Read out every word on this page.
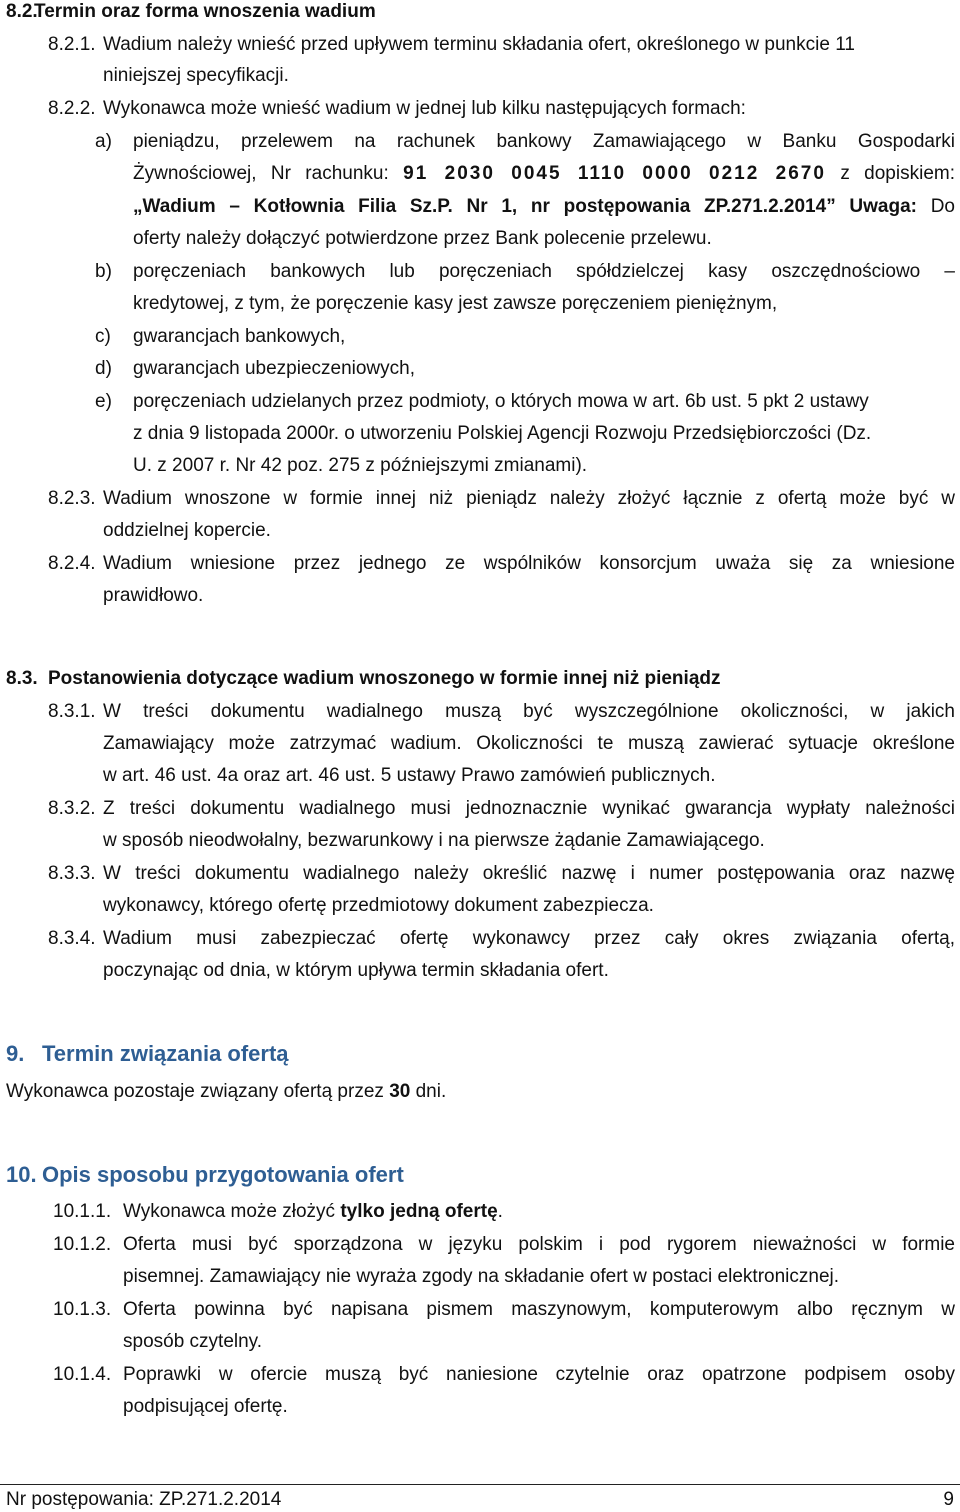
8.2.
Termin oraz forma wnoszenia wadium
8.2.1. Wadium należy wnieść przed upływem terminu składania ofert, określonego w punkcie 11
niniejszej specyfikacji.
8.2.2. Wykonawca może wnieść wadium w jednej lub kilku następujących formach:
a) pieniądzu, przelewem na rachunek bankowy Zamawiającego w Banku Gospodarki
Żywnościowej, Nr rachunku: 91 2030 0045 1110 0000 0212 2670 z dopiskiem:
„Wadium – Kotłownia Filia Sz.P. Nr 1, nr postępowania ZP.271.2.2014” Uwaga: Do
oferty należy dołączyć potwierdzone przez Bank polecenie przelewu.
b) poręczeniach bankowych lub poręczeniach spółdzielczej kasy oszczędnościowo –
kredytowej, z tym, że poręczenie kasy jest zawsze poręczeniem pieniężnym,
c) gwarancjach bankowych,
d) gwarancjach ubezpieczeniowych,
e) poręczeniach udzielanych przez podmioty, o których mowa w art. 6b ust. 5 pkt 2 ustawy
z dnia 9 listopada 2000r. o utworzeniu Polskiej Agencji Rozwoju Przedsiębiorczości (Dz.
U. z 2007 r. Nr 42 poz. 275 z późniejszymi zmianami).
8.2.3. Wadium wnoszone w formie innej niż pieniądz należy złożyć łącznie z ofertą może być w
oddzielnej kopercie.
8.2.4. Wadium wniesione przez jednego ze wspólników konsorcjum uważa się za wniesione
prawidłowo.
8.3. Postanowienia dotyczące wadium wnoszonego w formie innej niż pieniądz
8.3.1. W treści dokumentu wadialnego muszą być wyszczególnione okoliczności, w jakich
Zamawiający może zatrzymać wadium. Okoliczności te muszą zawierać sytuacje określone
w art. 46 ust. 4a oraz art. 46 ust. 5 ustawy Prawo zamówień publicznych.
8.3.2. Z treści dokumentu wadialnego musi jednoznacznie wynikać gwarancja wypłaty należności
w sposób nieodwołalny, bezwarunkowy i na pierwsze żądanie Zamawiającego.
8.3.3. W treści dokumentu wadialnego należy określić nazwę i numer postępowania oraz nazwę
wykonawcy, którego ofertę przedmiotowy dokument zabezpiecza.
8.3.4. Wadium musi zabezpieczać ofertę wykonawcy przez cały okres związania ofertą,
poczynając od dnia, w którym upływa termin składania ofert.
9. Termin związania ofertą
Wykonawca pozostaje związany ofertą przez 30 dni.
10. Opis sposobu przygotowania ofert
10.1.1. Wykonawca może złożyć tylko jedną ofertę.
10.1.2. Oferta musi być sporządzona w języku polskim i pod rygorem nieważności w formie
pisemnej. Zamawiający nie wyraża zgody na składanie ofert w postaci elektronicznej.
10.1.3. Oferta powinna być napisana pismem maszynowym, komputerowym albo ręcznym w
sposób czytelny.
10.1.4. Poprawki w ofercie muszą być naniesione czytelnie oraz opatrzone podpisem osoby
podpisującej ofertę.
Nr postępowania: ZP.271.2.2014	9
